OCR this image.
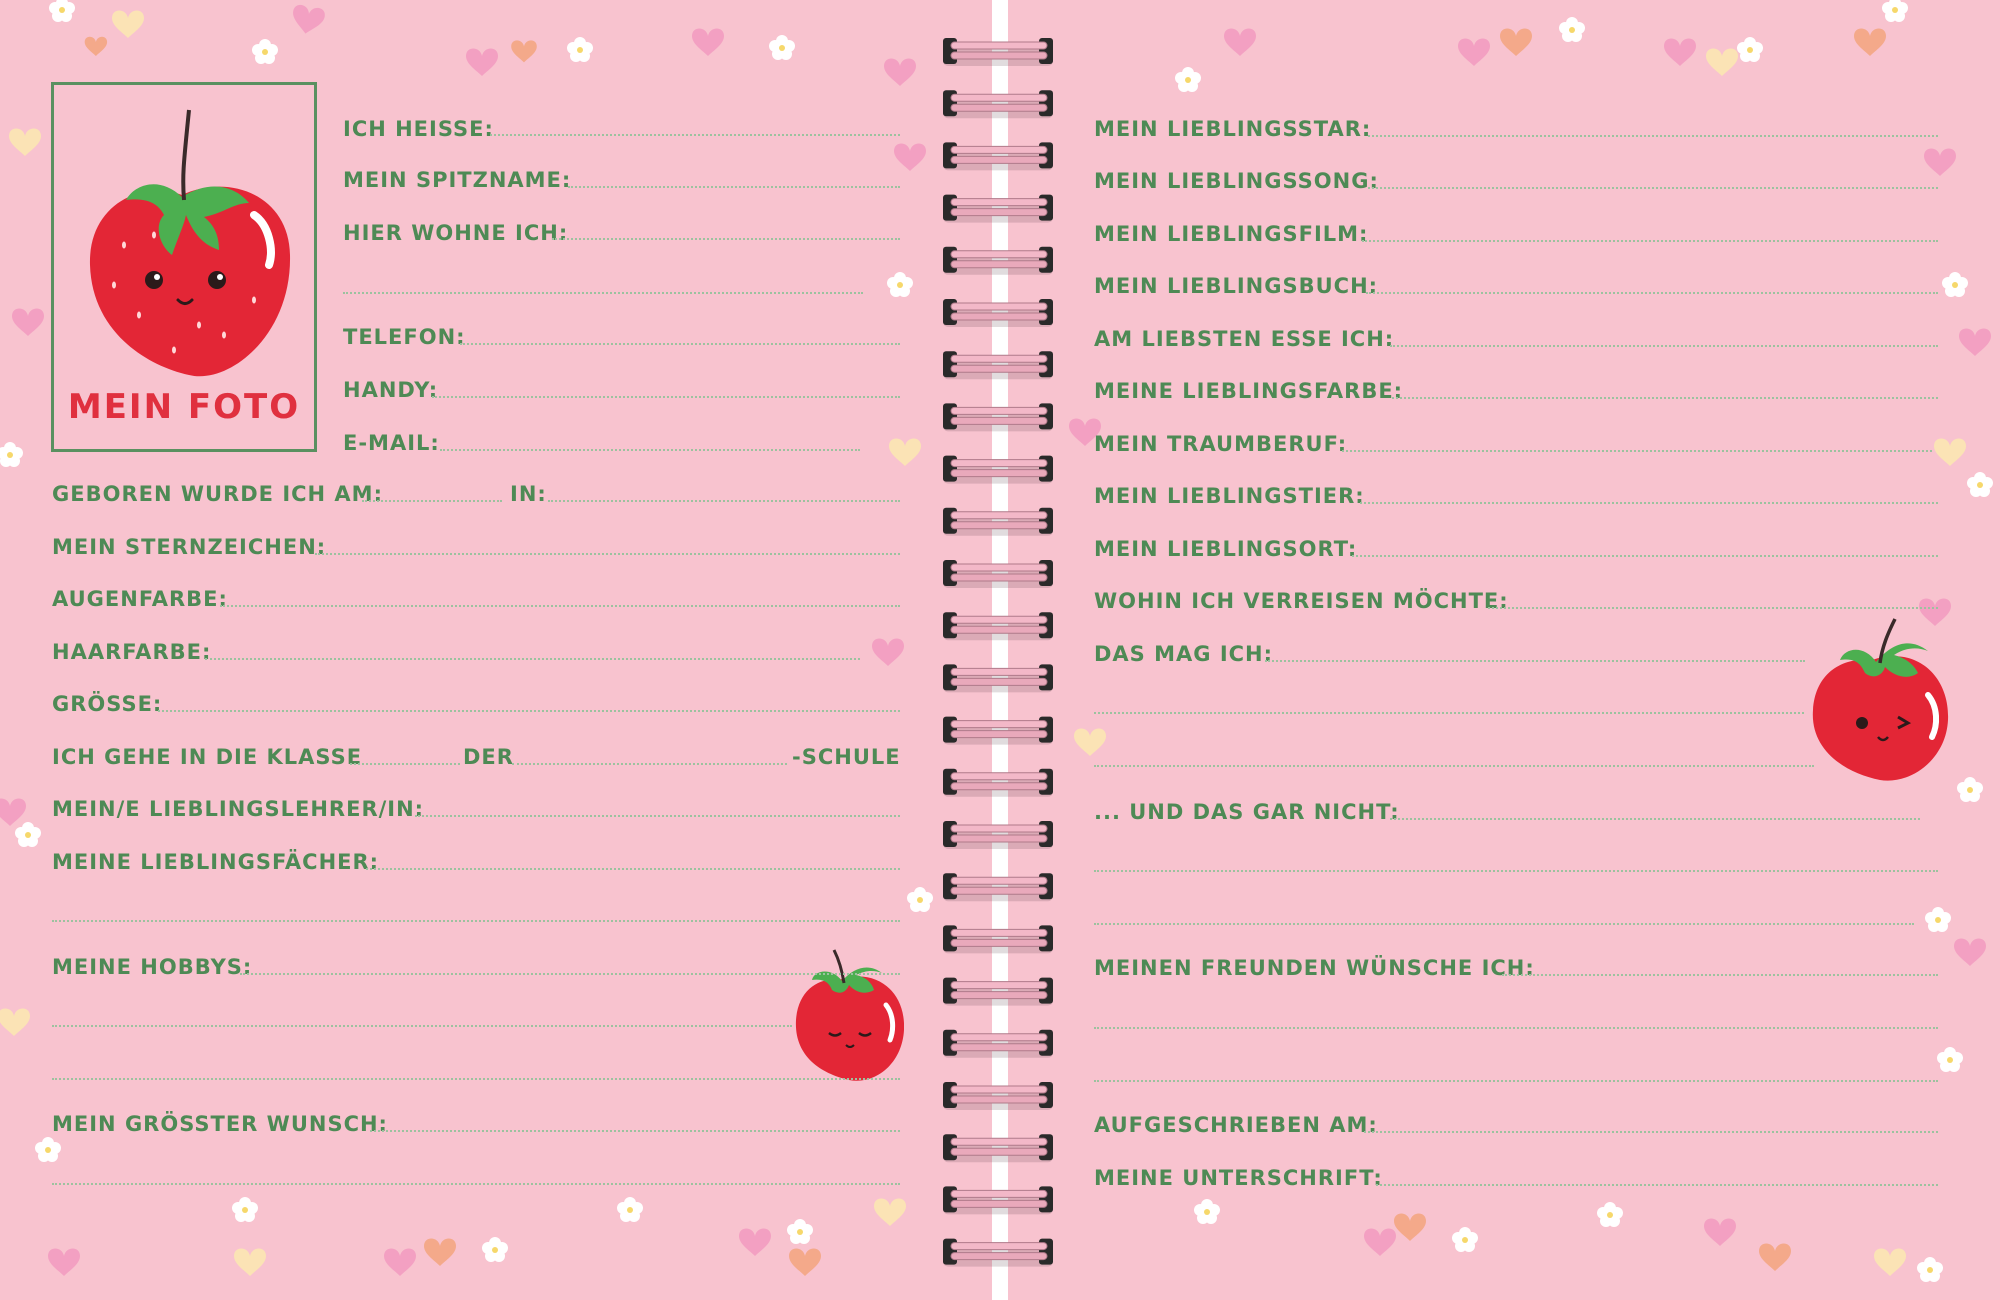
MEIN FOTO
ICH HEISSE:
MEIN SPITZNAME:
HIER WOHNE ICH:
TELEFON:
HANDY:
E-MAIL:
GEBOREN WURDE ICH AM:	IN:
MEIN STERNZEICHEN:
AUGENFARBE:
HAARFARBE:
GRÖSSE:
ICH GEHE IN DIE KLASSE	DER	-SCHULE
MEIN/E LIEBLINGSLEHRER/IN:
MEINE LIEBLINGSFÄCHER:
MEINE HOBBYS:
MEIN GRÖSSTER WUNSCH:
MEIN LIEBLINGSSTAR:
MEIN LIEBLINGSSONG:
MEIN LIEBLINGSFILM:
MEIN LIEBLINGSBUCH:
AM LIEBSTEN ESSE ICH:
MEINE LIEBLINGSFARBE:
MEIN TRAUMBERUF:
MEIN LIEBLINGSTIER:
MEIN LIEBLINGSORT:
WOHIN ICH VERREISEN MÖCHTE:
DAS MAG ICH:
... UND DAS GAR NICHT:
MEINEN FREUNDEN WÜNSCHE ICH:
AUFGESCHRIEBEN AM:
MEINE UNTERSCHRIFT:
